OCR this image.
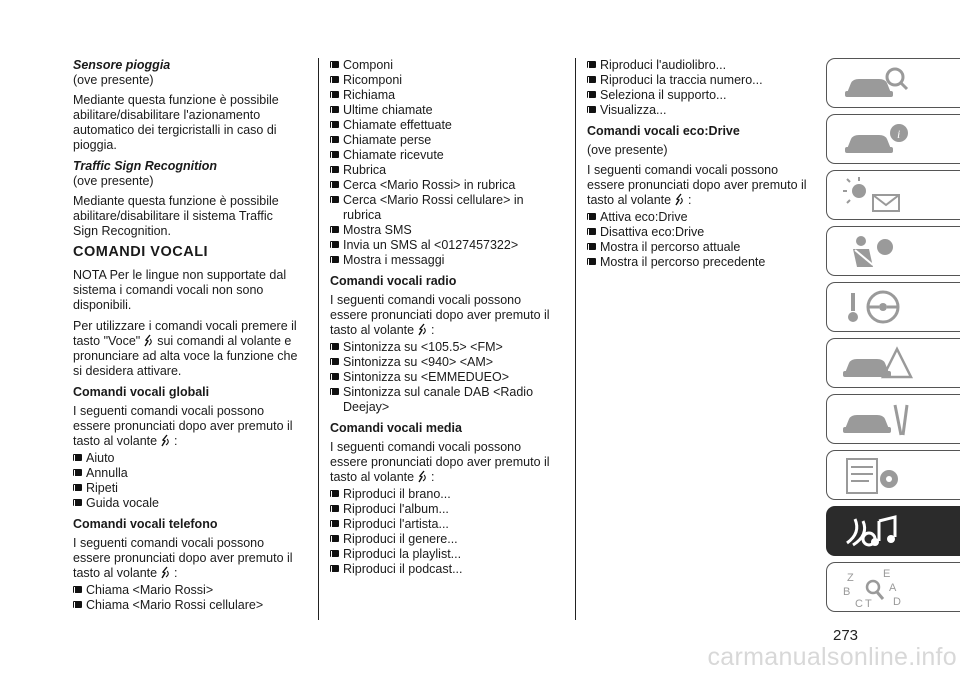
Sensore pioggia

(ove presente)

Mediante questa funzione è possibile abilitare/disabilitare l'azionamento automatico dei tergicristalli in caso di pioggia.

Traffic Sign Recognition

(ove presente)

Mediante questa funzione è possibile abilitare/disabilitare il sistema Traffic Sign Recognition.

COMANDI VOCALI

NOTA Per le lingue non supportate dal sistema i comandi vocali non sono disponibili.

Per utilizzare i comandi vocali premere il tasto "Voce" sui comandi al volante e pronunciare ad alta voce la funzione che si desidera attivare.

Comandi vocali globali

I seguenti comandi vocali possono essere pronunciati dopo aver premuto il tasto al volante  :

Aiuto
Annulla
Ripeti
Guida vocale

Comandi vocali telefono

I seguenti comandi vocali possono essere pronunciati dopo aver premuto il tasto al volante  :

Chiama <Mario Rossi>
Chiama <Mario Rossi cellulare>
Componi
Ricomponi
Richiama
Ultime chiamate
Chiamate effettuate
Chiamate perse
Chiamate ricevute
Rubrica
Cerca <Mario Rossi> in rubrica
Cerca <Mario Rossi cellulare> in rubrica
Mostra SMS
Invia un SMS al <0127457322>
Mostra i messaggi

Comandi vocali radio

I seguenti comandi vocali possono essere pronunciati dopo aver premuto il tasto al volante  :

Sintonizza su <105.5> <FM>
Sintonizza su <940> <AM>
Sintonizza su <EMMEDUEO>
Sintonizza sul canale DAB <Radio Deejay>

Comandi vocali media

I seguenti comandi vocali possono essere pronunciati dopo aver premuto il tasto al volante  :

Riproduci il brano...
Riproduci l'album...
Riproduci l'artista...
Riproduci il genere...
Riproduci la playlist...
Riproduci il podcast...
Riproduci l'audiolibro...
Riproduci la traccia numero...
Seleziona il supporto...
Visualizza...

Comandi vocali eco:Drive

(ove presente)

I seguenti comandi vocali possono essere pronunciati dopo aver premuto il tasto al volante  :

Attiva eco:Drive
Disattiva eco:Drive
Mostra il percorso attuale
Mostra il percorso precedente
i
Z	E
B	A
C T D
273
carmanualsonline.info
